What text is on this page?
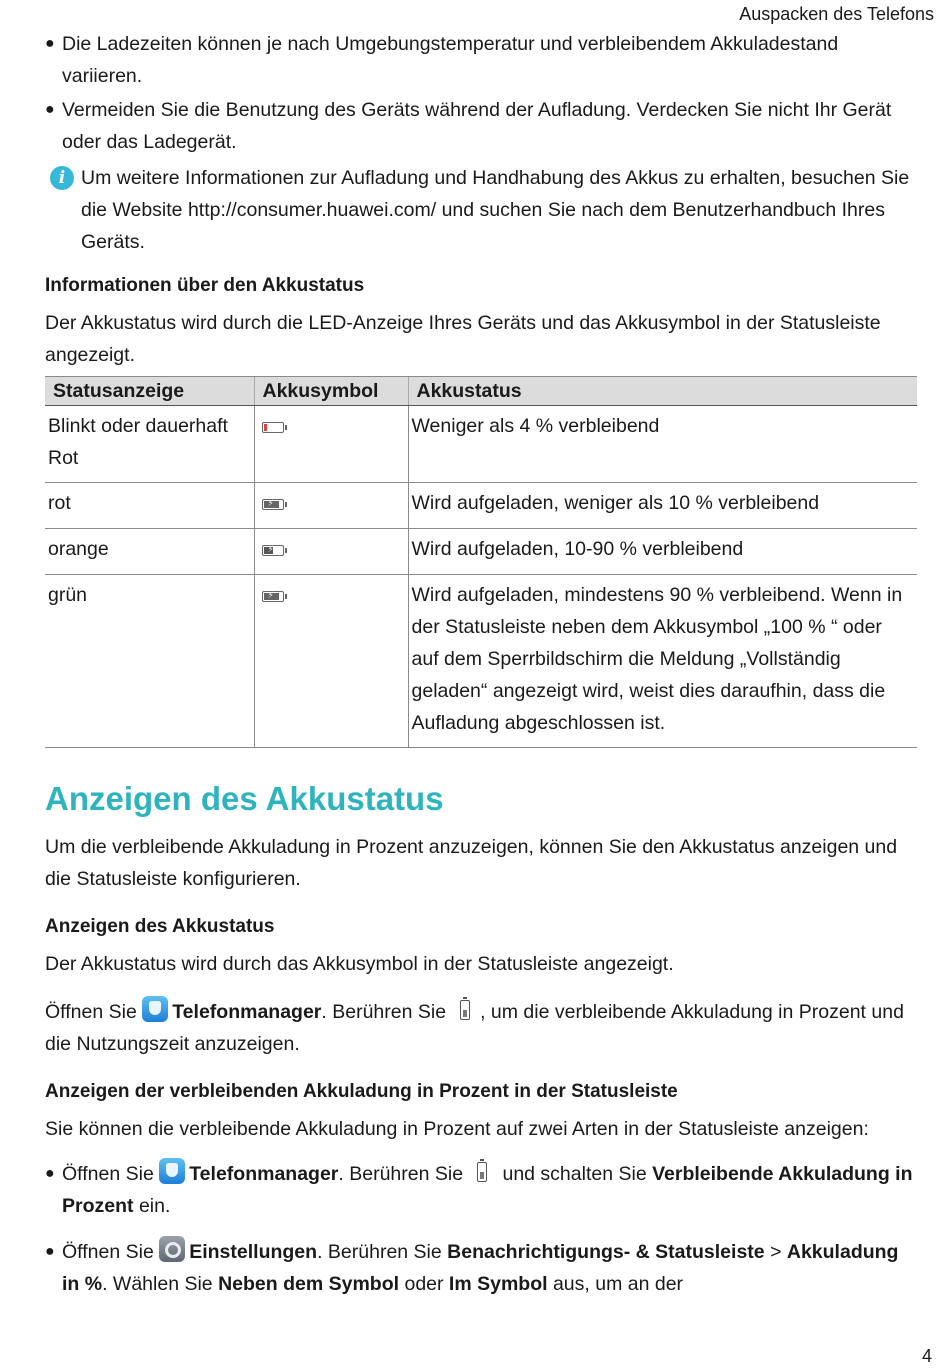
Auspacken des Telefons
● Die Ladezeiten können je nach Umgebungstemperatur und verbleibendem Akkuladestand variieren.
● Vermeiden Sie die Benutzung des Geräts während der Aufladung. Verdecken Sie nicht Ihr Gerät oder das Ladegerät.
i Um weitere Informationen zur Aufladung und Handhabung des Akkus zu erhalten, besuchen Sie die Website http://consumer.huawei.com/ und suchen Sie nach dem Benutzerhandbuch Ihres Geräts.
Informationen über den Akkustatus

Der Akkustatus wird durch die LED-Anzeige Ihres Geräts und das Akkusymbol in der Statusleiste angezeigt.

Statusanzeige	Akkusymbol	Akkustatus
Blinkt oder dauerhaft Rot		Weniger als 4 % verbleibend
rot	⚡	Wird aufgeladen, weniger als 10 % verbleibend
orange	⚡	Wird aufgeladen, 10-90 % verbleibend
grün	⚡	Wird aufgeladen, mindestens 90 % verbleibend. Wenn in der Statusleiste neben dem Akkusymbol „100 % “ oder auf dem Sperrbildschirm die Meldung „Vollständig geladen“ angezeigt wird, weist dies daraufhin, dass die Aufladung abgeschlossen ist.
Anzeigen des Akkustatus
Um die verbleibende Akkuladung in Prozent anzuzeigen, können Sie den Akkustatus anzeigen und die Statusleiste konfigurieren.
Anzeigen des Akkustatus

Der Akkustatus wird durch das Akkusymbol in der Statusleiste angezeigt.

Öffnen Sie Telefonmanager. Berühren Sie , um die verbleibende Akkuladung in Prozent und die Nutzungszeit anzuzeigen.

Anzeigen der verbleibenden Akkuladung in Prozent in der Statusleiste

Sie können die verbleibende Akkuladung in Prozent auf zwei Arten in der Statusleiste anzeigen:

● Öffnen Sie Telefonmanager. Berühren Sie und schalten Sie Verbleibende Akkuladung in Prozent ein.
● Öffnen Sie Einstellungen. Berühren Sie Benachrichtigungs- & Statusleiste > Akkuladung in %. Wählen Sie Neben dem Symbol oder Im Symbol aus, um an der
4
